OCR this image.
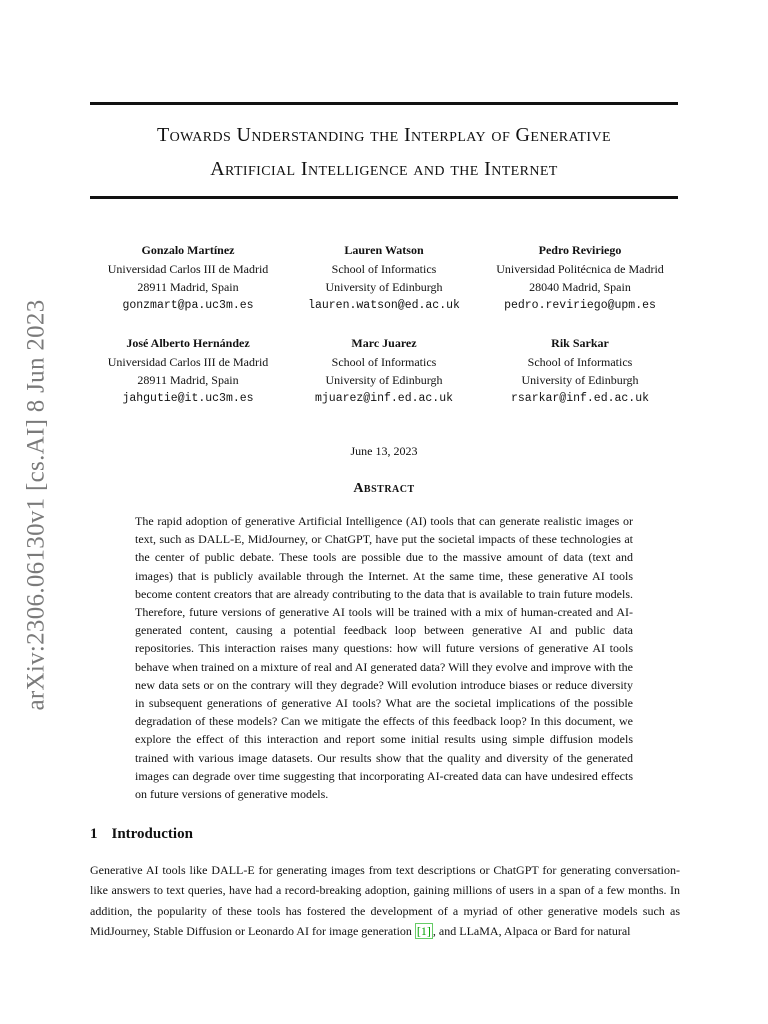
arXiv:2306.06130v1 [cs.AI] 8 Jun 2023
Towards Understanding the Interplay of Generative
Artificial Intelligence and the Internet
Gonzalo Martínez
Universidad Carlos III de Madrid
28911 Madrid, Spain
gonzmart@pa.uc3m.es
Lauren Watson
School of Informatics
University of Edinburgh
lauren.watson@ed.ac.uk
Pedro Reviriego
Universidad Politécnica de Madrid
28040 Madrid, Spain
pedro.reviriego@upm.es
José Alberto Hernández
Universidad Carlos III de Madrid
28911 Madrid, Spain
jahgutie@it.uc3m.es
Marc Juarez
School of Informatics
University of Edinburgh
mjuarez@inf.ed.ac.uk
Rik Sarkar
School of Informatics
University of Edinburgh
rsarkar@inf.ed.ac.uk
June 13, 2023
Abstract
The rapid adoption of generative Artificial Intelligence (AI) tools that can generate realistic images or text, such as DALL-E, MidJourney, or ChatGPT, have put the societal impacts of these technologies at the center of public debate. These tools are possible due to the massive amount of data (text and images) that is publicly available through the Internet. At the same time, these generative AI tools become content creators that are already contributing to the data that is available to train future models. Therefore, future versions of generative AI tools will be trained with a mix of human-created and AI-generated content, causing a potential feedback loop between generative AI and public data repositories. This interaction raises many questions: how will future versions of generative AI tools behave when trained on a mixture of real and AI generated data? Will they evolve and improve with the new data sets or on the contrary will they degrade? Will evolution introduce biases or reduce diversity in subsequent generations of generative AI tools? What are the societal implications of the possible degradation of these models? Can we mitigate the effects of this feedback loop? In this document, we explore the effect of this interaction and report some initial results using simple diffusion models trained with various image datasets. Our results show that the quality and diversity of the generated images can degrade over time suggesting that incorporating AI-created data can have undesired effects on future versions of generative models.
1 Introduction
Generative AI tools like DALL-E for generating images from text descriptions or ChatGPT for generating conversation-like answers to text queries, have had a record-breaking adoption, gaining millions of users in a span of a few months. In addition, the popularity of these tools has fostered the development of a myriad of other generative models such as MidJourney, Stable Diffusion or Leonardo AI for image generation [1] , and LLaMA, Alpaca or Bard for natural
